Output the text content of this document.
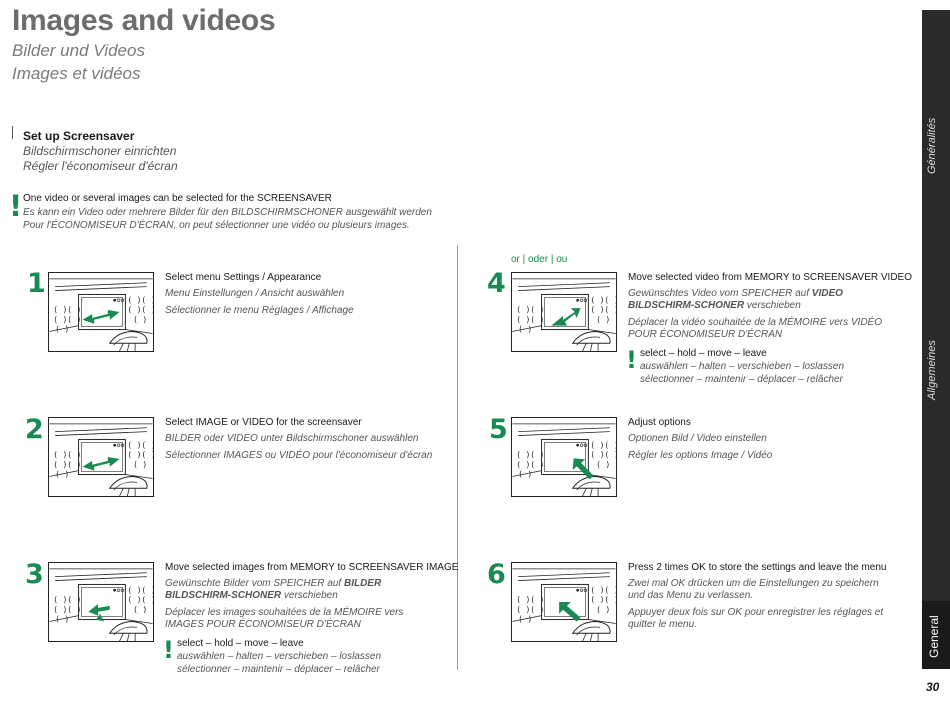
Images and videos
Bilder und Videos
Images et vidéos
Set up Screensaver
Bildschirmschoner einrichten
Régler l'économiseur d'écran
! One video or several images can be selected for the SCREENSAVER
Es kann ein Video oder mehrere Bilder für den BILDSCHIRMSCHONER ausgewählt werden
Pour l'ÉCONOMISEUR D'ÉCRAN, on peut sélectionner une vidéo ou plusieurs images.
or | oder | ou
1	Select menu Settings / Appearance
Menu Einstellungen / Ansicht auswählen
Sélectionner le menu Réglages / Affichage
2	Select IMAGE or VIDEO for the screensaver
BILDER oder VIDEO unter Bildschirmschoner auswählen
Sélectionner IMAGES ou VIDÉO pour l'économiseur d'écran
3	Move selected images from MEMORY to SCREENSAVER IMAGE
Gewünschte Bilder vom SPEICHER auf BILDER BILDSCHIRM-SCHONER verschieben
Déplacer les images souhaitées de la MÉMOIRE vers IMAGES POUR ÉCONOMISEUR D'ÉCRAN
! select – hold – move – leave
auswählen – halten – verschieben – loslassen
sélectionner – maintenir – déplacer – relâcher
4	Move selected video from MEMORY to SCREENSAVER VIDEO
Gewünschtes Video vom SPEICHER auf VIDEO BILDSCHIRM-SCHONER verschieben
Déplacer la vidéo souhaitée de la MÉMOIRE vers VIDÉO POUR ÉCONOMISEUR D'ÉCRAN
! select – hold – move – leave
auswählen – halten – verschieben – loslassen
sélectionner – maintenir – déplacer – relâcher
5	Adjust options
Optionen Bild / Video einstellen
Régler les options Image / Vidéo
6	Press 2 times OK to store the settings and leave the menu
Zwei mal OK drücken um die Einstellungen zu speichern und das Menu zu verlassen.
Appuyer deux fois sur OK pour enregistrer les réglages et quitter le menu.
Généralités
Allgemeines
General
30
